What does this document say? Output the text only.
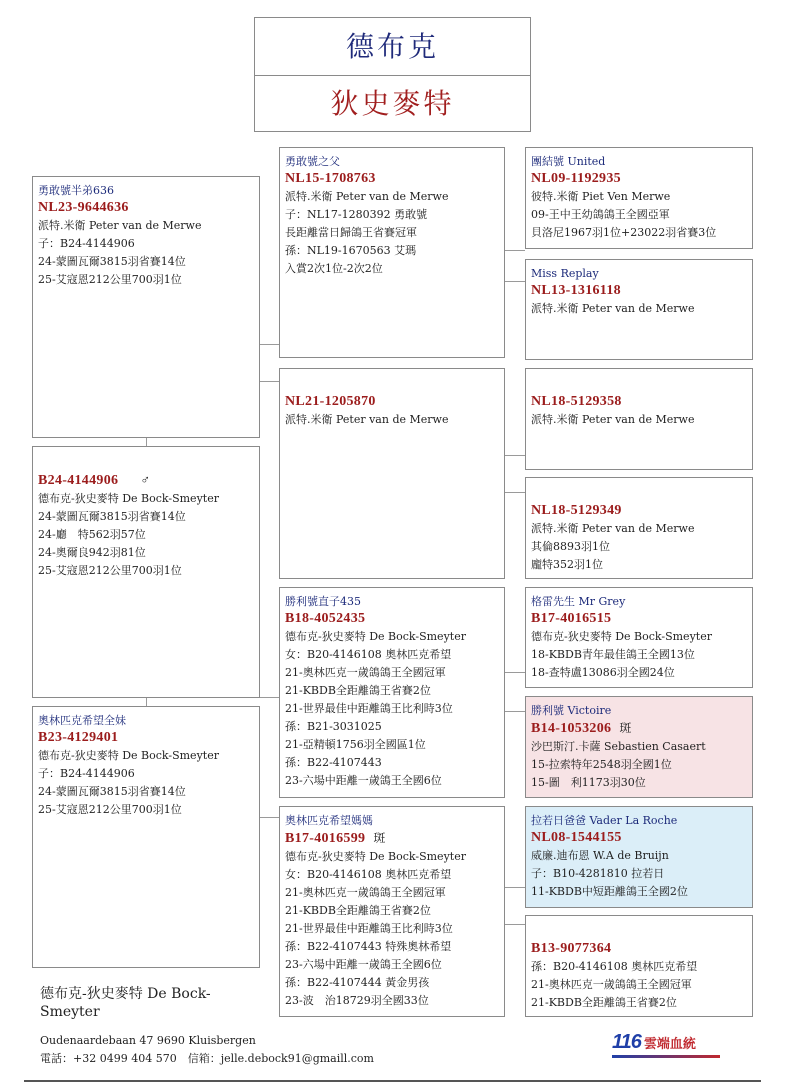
德布克
狄史麥特
勇敢號半弟636
NL23-9644636
派特.米衛 Peter van de Merwe
子：B24-4144906
24-蒙圖瓦爾3815羽省賽14位
25-艾寇恩212公里700羽1位
B24-4144906 ♂
德布克-狄史麥特 De Bock-Smeyter
24-蒙圖瓦爾3815羽省賽14位
24-廳　特562羽57位
24-奧爾良942羽81位
25-艾寇恩212公里700羽1位
奧林匹克希望全妹
B23-4129401
德布克-狄史麥特 De Bock-Smeyter
子：B24-4144906
24-蒙圖瓦爾3815羽省賽14位
25-艾寇恩212公里700羽1位
勇敢號之父
NL15-1708763
派特.米衛 Peter van de Merwe
子：NL17-1280392 勇敢號
長距離當日歸鴿王省賽冠軍
孫：NL19-1670563 艾瑪
入賞2次1位-2次2位
NL21-1205870
派特.米衛 Peter van de Merwe
勝利號直子435
B18-4052435
德布克-狄史麥特 De Bock-Smeyter
女：B20-4146108 奧林匹克希望
21-奧林匹克一歲鴿鴿王全國冠軍
21-KBDB全距離鴿王省賽2位
21-世界最佳中距離鴿王比利時3位
孫：B21-3031025
21-亞精頓1756羽全國區1位
孫：B22-4107443
23-六場中距離一歲鴿王全國6位
奧林匹克希望媽媽
B17-4016599 斑
德布克-狄史麥特 De Bock-Smeyter
女：B20-4146108 奧林匹克希望
21-奧林匹克一歲鴿鴿王全國冠軍
21-KBDB全距離鴿王省賽2位
21-世界最佳中距離鴿王比利時3位
孫：B22-4107443 特殊奧林希望
23-六場中距離一歲鴿王全國6位
孫：B22-4107444 黃金男孩
23-波　治18729羽全國33位
團結號 United
NL09-1192935
彼特.米衛 Piet Ven Merwe
09-王中王幼鴿鴿王全國亞軍
貝洛尼1967羽1位+23022羽省賽3位
Miss Replay
NL13-1316118
派特.米衛 Peter van de Merwe
NL18-5129358
派特.米衛 Peter van de Merwe
NL18-5129349
派特.米衛 Peter van de Merwe
其倫8893羽1位
龐特352羽1位
格雷先生 Mr Grey
B17-4016515
德布克-狄史麥特 De Bock-Smeyter
18-KBDB青年最佳鴿王全國13位
18-查特盧13086羽全國24位
勝利號 Victoire
B14-1053206 斑
沙巴斯汀.卡薩 Sebastien Casaert
15-拉索特年2548羽全國1位
15-圖　利1173羽30位
拉若日爸爸 Vader La Roche
NL08-1544155
威廉.迪布恩 W.A de Bruijn
子：B10-4281810 拉若日
11-KBDB中短距離鴿王全國2位
B13-9077364
孫：B20-4146108 奧林匹克希望
21-奧林匹克一歲鴿鴿王全國冠軍
21-KBDB全距離鴿王省賽2位
德布克-狄史麥特 De Bock-Smeyter
Oudenaardebaan 47 9690 Kluisbergen
電話：+32 0499 404 570　信箱：jelle.debock91@gmaill.com
116 雲端血統
